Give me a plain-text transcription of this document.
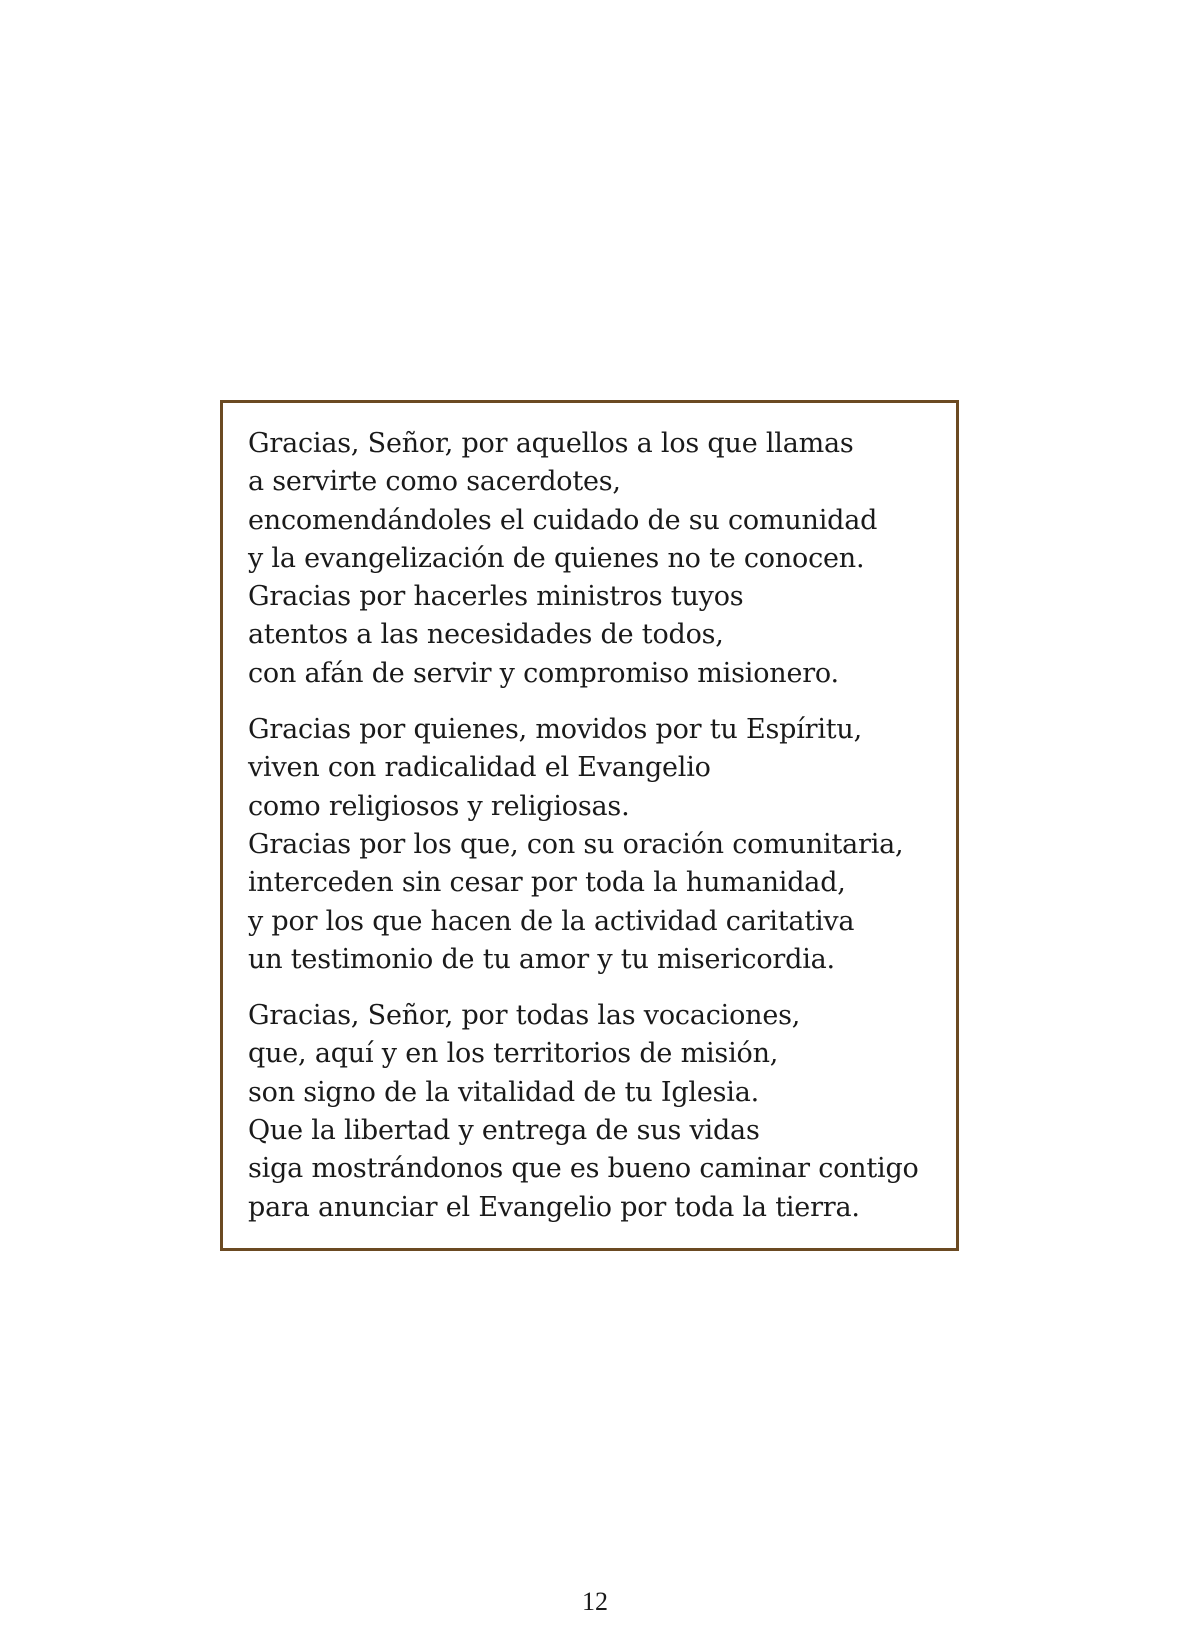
Gracias, Señor, por aquellos a los que llamas
a servirte como sacerdotes,
encomendándoles el cuidado de su comunidad
y la evangelización de quienes no te conocen.
Gracias por hacerles ministros tuyos
atentos a las necesidades de todos,
con afán de servir y compromiso misionero.
Gracias por quienes, movidos por tu Espíritu,
viven con radicalidad el Evangelio
como religiosos y religiosas.
Gracias por los que, con su oración comunitaria,
interceden sin cesar por toda la humanidad,
y por los que hacen de la actividad caritativa
un testimonio de tu amor y tu misericordia.
Gracias, Señor, por todas las vocaciones,
que, aquí y en los territorios de misión,
son signo de la vitalidad de tu Iglesia.
Que la libertad y entrega de sus vidas
siga mostrándonos que es bueno caminar contigo
para anunciar el Evangelio por toda la tierra.
12
